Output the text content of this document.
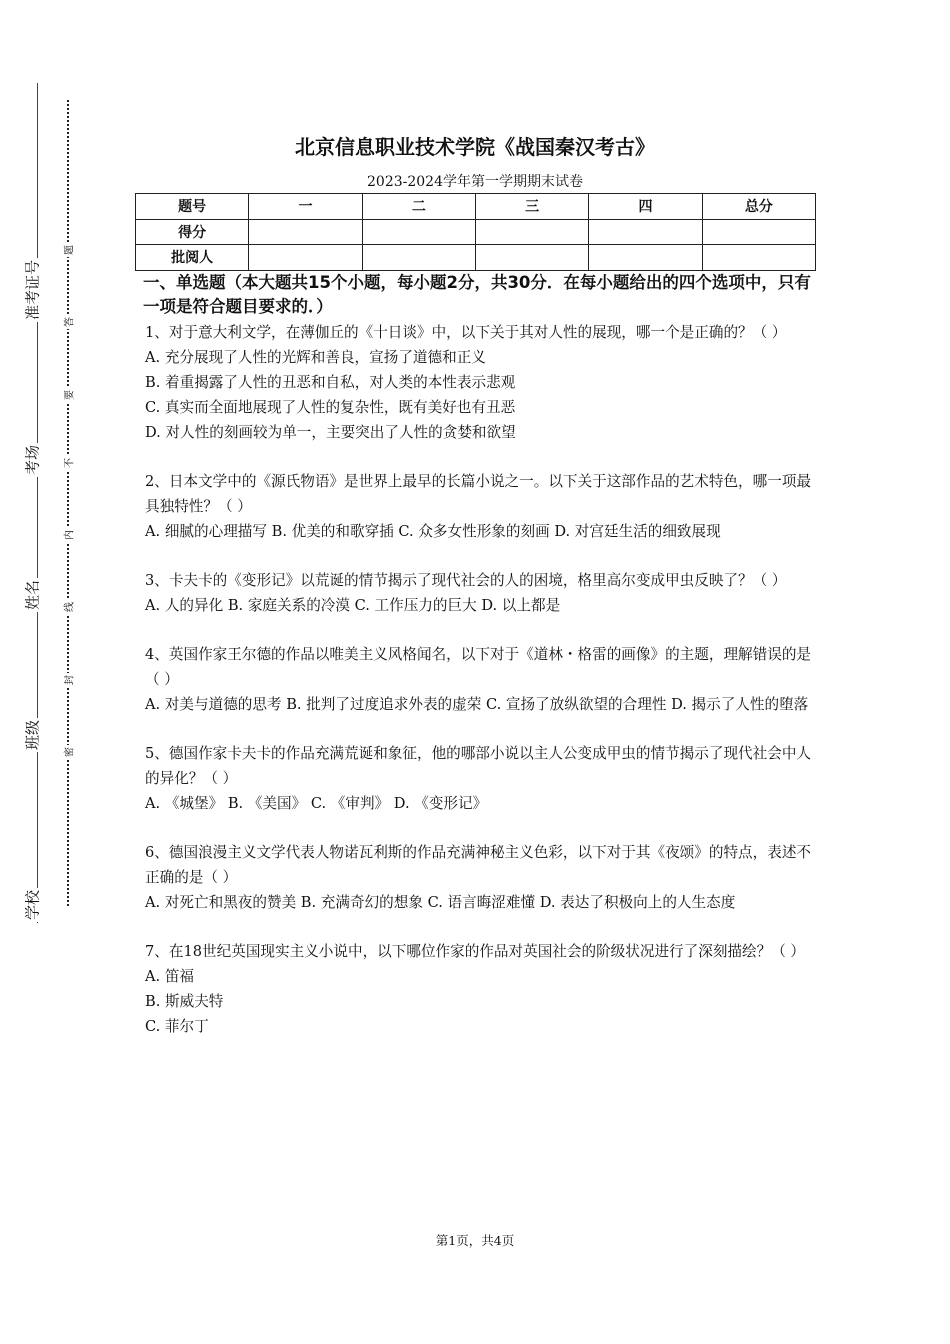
准考证号
考场
姓名
班级
学校
题
答
要
不
内
线
封
密
北京信息职业技术学院《战国秦汉考古》
2023-2024学年第一学期期末试卷
题号	一	二	三	四	总分
得分					
批阅人					
一、单选题（本大题共15个小题，每小题2分，共30分．在每小题给出的四个选项中，只有一项是符合题目要求的．）

1、对于意大利文学，在薄伽丘的《十日谈》中，以下关于其对人性的展现，哪一个是正确的？（ ）

A. 充分展现了人性的光辉和善良，宣扬了道德和正义

B. 着重揭露了人性的丑恶和自私，对人类的本性表示悲观

C. 真实而全面地展现了人性的复杂性，既有美好也有丑恶

D. 对人性的刻画较为单一，主要突出了人性的贪婪和欲望

2、日本文学中的《源氏物语》是世界上最早的长篇小说之一。以下关于这部作品的艺术特色，哪一项最具独特性？（ ）

A. 细腻的心理描写 B. 优美的和歌穿插 C. 众多女性形象的刻画 D. 对宫廷生活的细致展现

3、卡夫卡的《变形记》以荒诞的情节揭示了现代社会的人的困境，格里高尔变成甲虫反映了？（ ）

A. 人的异化 B. 家庭关系的冷漠 C. 工作压力的巨大 D. 以上都是

4、英国作家王尔德的作品以唯美主义风格闻名，以下对于《道林・格雷的画像》的主题，理解错误的是（ ）

A. 对美与道德的思考 B. 批判了过度追求外表的虚荣 C. 宣扬了放纵欲望的合理性 D. 揭示了人性的堕落

5、德国作家卡夫卡的作品充满荒诞和象征，他的哪部小说以主人公变成甲虫的情节揭示了现代社会中人的异化？（ ）

A. 《城堡》 B. 《美国》 C. 《审判》 D. 《变形记》

6、德国浪漫主义文学代表人物诺瓦利斯的作品充满神秘主义色彩，以下对于其《夜颂》的特点，表述不正确的是（ ）

A. 对死亡和黑夜的赞美 B. 充满奇幻的想象 C. 语言晦涩难懂 D. 表达了积极向上的人生态度

7、在18世纪英国现实主义小说中，以下哪位作家的作品对英国社会的阶级状况进行了深刻描绘？（ ）

A. 笛福

B. 斯威夫特

C. 菲尔丁

第1页，共4页
